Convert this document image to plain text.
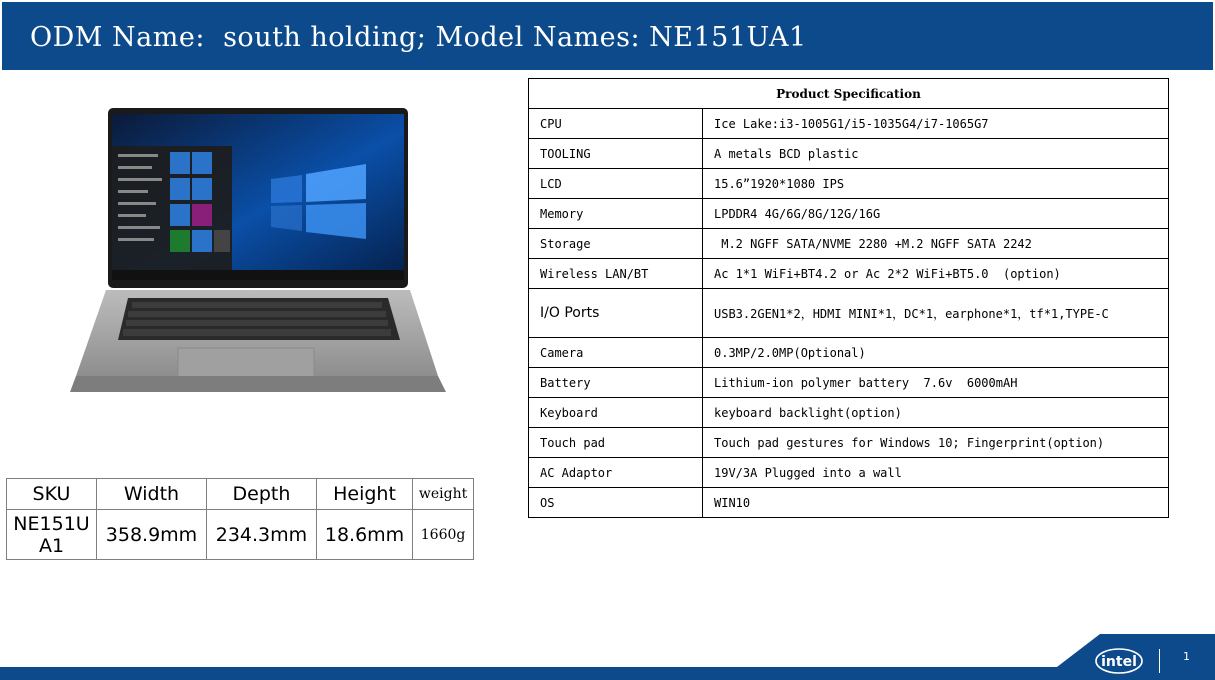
ODM Name:  south holding; Model Names: NE151UA1
SKU	Width	Depth	Height	weight
NE151UA1	358.9mm	234.3mm	18.6mm	1660g
Product Specification	
CPU	Ice Lake:i3-1005G1/i5-1035G4/i7-1065G7
TOOLING	A metals BCD plastic
LCD	15.6”1920*1080 IPS
Memory	LPDDR4 4G/6G/8G/12G/16G
Storage	M.2 NGFF SATA/NVME 2280 +M.2 NGFF SATA 2242
Wireless LAN/BT	Ac 1*1 WiFi+BT4.2 or Ac 2*2 WiFi+BT5.0  (option)
I/O Ports	USB3.2GEN1*2，HDMI MINI*1，DC*1，earphone*1，tf*1,TYPE-C
Camera	0.3MP/2.0MP(Optional)
Battery	Lithium-ion polymer battery  7.6v  6000mAH
Keyboard	keyboard backlight(option)
Touch pad	Touch pad gestures for Windows 10; Fingerprint(option)
AC Adaptor	19V/3A Plugged into a wall
OS	WIN10
intel	1
